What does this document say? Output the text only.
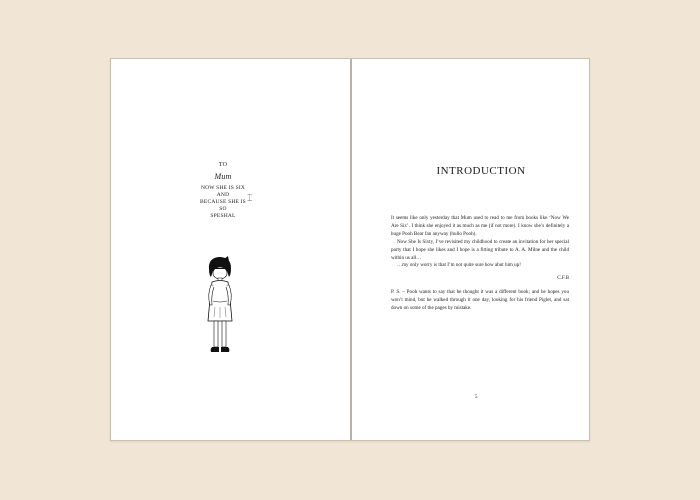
TO
Mum
NOW SHE IS SIX
AND
BECAUSE SHE IS
SO
SPESHAL
⌶
INTRODUCTION

It seems like only yesterday that Mum used to read to me from books like ‘Now We Are Six’. I think she enjoyed it as much as me (if not more). I know she’s definitely a huge Pooh Bear fan anyway (hullo Pooh).

Now She Is Sixty, I’ve revisited my childhood to create an invitation for her special party that I hope she likes and I hope is a fitting tribute to A. A. Milne and the child within us all…

…my only worry is that I’m not quite sure how abut him up!

C.F.B

P. S. – Pooh wants to say that he thought it was a different book; and he hopes you won’t mind, but he walked through it one day, looking for his friend Piglet, and sat down on some of the pages by mistake.

5
